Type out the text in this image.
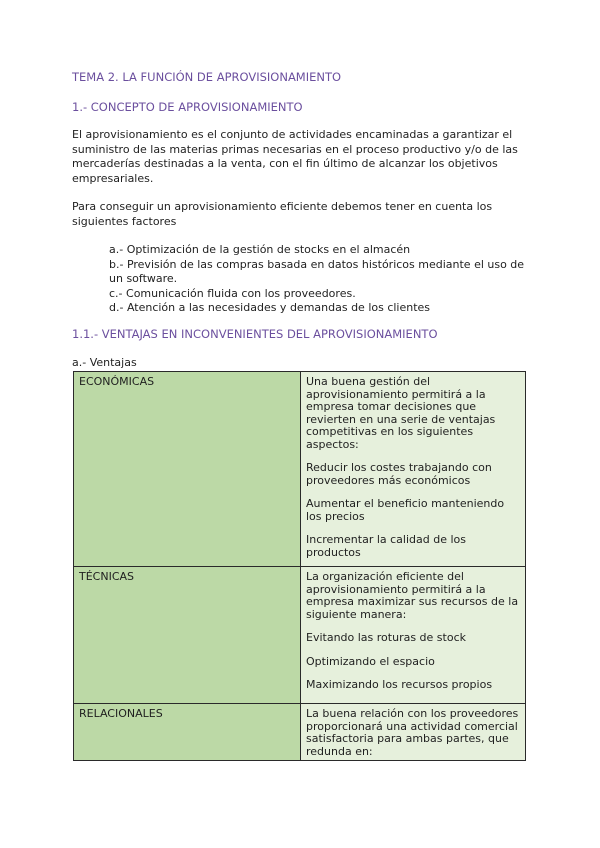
TEMA 2. LA FUNCIÓN DE APROVISIONAMIENTO
1.- CONCEPTO DE APROVISIONAMIENTO
El aprovisionamiento es el conjunto de actividades encaminadas a garantizar el suministro de las materias primas necesarias en el proceso productivo y/o de las mercaderías destinadas a la venta, con el fin último de alcanzar los objetivos empresariales.
Para conseguir un aprovisionamiento eficiente debemos tener en cuenta los siguientes factores
a.- Optimización de la gestión de stocks en el almacén
b.- Previsión de las compras basada en datos históricos mediante el uso de un software.
c.- Comunicación fluida con los proveedores.
d.- Atención a las necesidades y demandas de los clientes
1.1.- VENTAJAS EN INCONVENIENTES DEL APROVISIONAMIENTO
a.- Ventajas
ECONÓMICAS	Una buena gestión del aprovisionamiento permitirá a la empresa tomar decisiones que revierten en una serie de ventajas competitivas en los siguientes aspectos:

Reducir los costes trabajando con proveedores más económicos

Aumentar el beneficio manteniendo los precios

Incrementar la calidad de los productos

TÉCNICAS	La organización eficiente del aprovisionamiento permitirá a la empresa maximizar sus recursos de la siguiente manera:

Evitando las roturas de stock

Optimizando el espacio

Maximizando los recursos propios

RELACIONALES	La buena relación con los proveedores proporcionará una actividad comercial satisfactoria para ambas partes, que redunda en:
